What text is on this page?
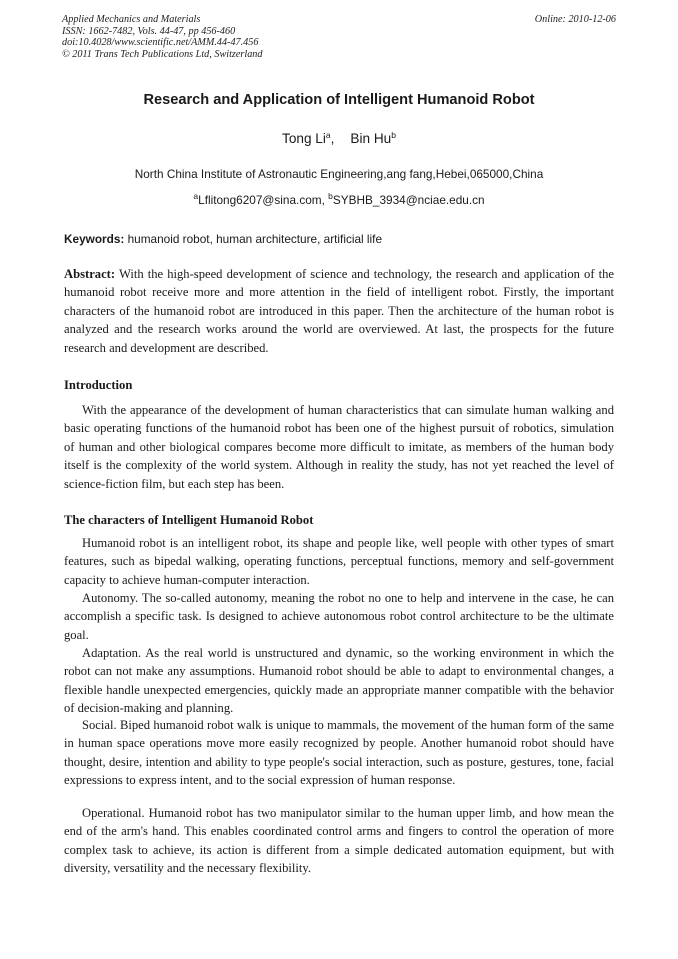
Applied Mechanics and Materials
ISSN: 1662-7482, Vols. 44-47, pp 456-460
doi:10.4028/www.scientific.net/AMM.44-47.456
© 2011 Trans Tech Publications Ltd, Switzerland
Online: 2010-12-06
Research and Application of Intelligent Humanoid Robot
Tong Li$^a$, Bin Hu$^b$
North China Institute of Astronautic Engineering,ang fang,Hebei,065000,China
$^a$Lflitong6207@sina.com, $^b$SYBHB_3934@nciae.edu.cn
Keywords: humanoid robot, human architecture, artificial life
Abstract: With the high-speed development of science and technology, the research and application of the humanoid robot receive more and more attention in the field of intelligent robot. Firstly, the important characters of the humanoid robot are introduced in this paper. Then the architecture of the human robot is analyzed and the research works around the world are overviewed. At last, the prospects for the future research and development are described.
Introduction
With the appearance of the development of human characteristics that can simulate human walking and basic operating functions of the humanoid robot has been one of the highest pursuit of robotics, simulation of human and other biological compares become more difficult to imitate, as members of the human body itself is the complexity of the world system. Although in reality the study, has not yet reached the level of science-fiction film, but each step has been.
The characters of Intelligent Humanoid Robot
Humanoid robot is an intelligent robot, its shape and people like, well people with other types of smart features, such as bipedal walking, operating functions, perceptual functions, memory and self-government capacity to achieve human-computer interaction.
Autonomy. The so-called autonomy, meaning the robot no one to help and intervene in the case, he can accomplish a specific task. Is designed to achieve autonomous robot control architecture to be the ultimate goal.
Adaptation. As the real world is unstructured and dynamic, so the working environment in which the robot can not make any assumptions. Humanoid robot should be able to adapt to environmental changes, a flexible handle unexpected emergencies, quickly made an appropriate manner compatible with the behavior of decision-making and planning.
Social. Biped humanoid robot walk is unique to mammals, the movement of the human form of the same in human space operations move more easily recognized by people. Another humanoid robot should have thought, desire, intention and ability to type people's social interaction, such as posture, gestures, tone, facial expressions to express intent, and to the social expression of human response.
Operational. Humanoid robot has two manipulator similar to the human upper limb, and how mean the end of the arm's hand. This enables coordinated control arms and fingers to control the operation of more complex task to achieve, its action is different from a simple dedicated automation equipment, but with diversity, versatility and the necessary flexibility.
